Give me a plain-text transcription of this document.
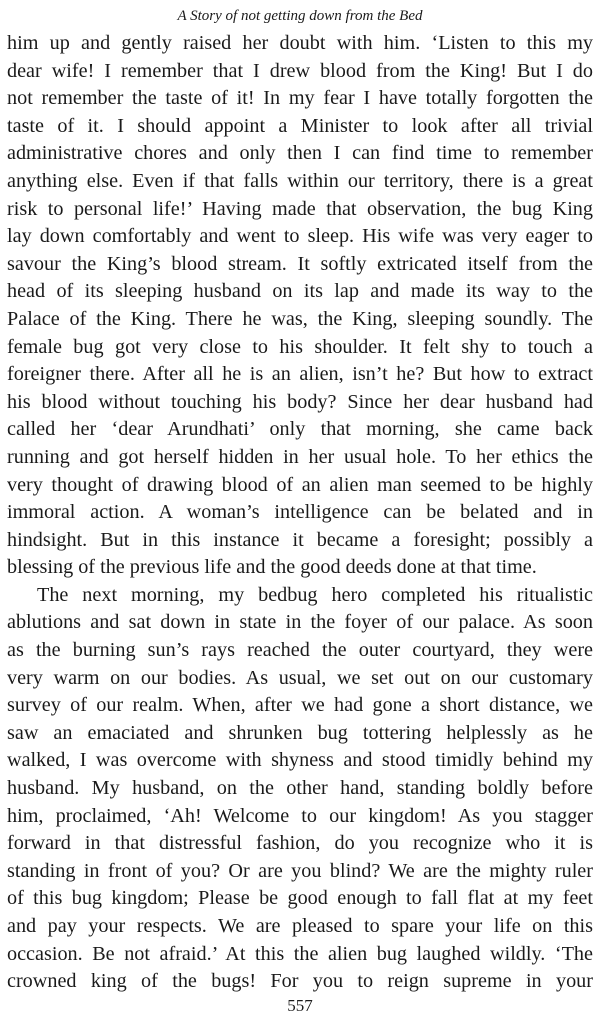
A Story of not getting down from the Bed
him up and gently raised her doubt with him. ‘Listen to this my
dear wife! I remember that I drew blood from the King! But I do
not remember the taste of it! In my fear I have totally forgotten the
taste of it. I should appoint a Minister to look after all trivial
administrative chores and only then I can find time to remember
anything else. Even if that falls within our territory, there is a great
risk to personal life!’ Having made that observation, the bug King
lay down comfortably and went to sleep. His wife was very eager to
savour the King’s blood stream. It softly extricated itself from the
head of its sleeping husband on its lap and made its way to the
Palace of the King. There he was, the King, sleeping soundly. The
female bug got very close to his shoulder. It felt shy to touch a
foreigner there. After all he is an alien, isn’t he? But how to extract
his blood without touching his body? Since her dear husband had
called her ‘dear Arundhati’ only that morning, she came back
running and got herself hidden in her usual hole. To her ethics the
very thought of drawing blood of an alien man seemed to be highly
immoral action. A woman’s intelligence can be belated and in
hindsight. But in this instance it became a foresight; possibly a
blessing of the previous life and the good deeds done at that time.
The next morning, my bedbug hero completed his ritualistic
ablutions and sat down in state in the foyer of our palace. As soon
as the burning sun’s rays reached the outer courtyard, they were
very warm on our bodies. As usual, we set out on our customary
survey of our realm. When, after we had gone a short distance, we
saw an emaciated and shrunken bug tottering helplessly as he
walked, I was overcome with shyness and stood timidly behind my
husband. My husband, on the other hand, standing boldly before
him, proclaimed, ‘Ah! Welcome to our kingdom! As you stagger
forward in that distressful fashion, do you recognize who it is
standing in front of you? Or are you blind? We are the mighty ruler
of this bug kingdom; Please be good enough to fall flat at my feet
and pay your respects. We are pleased to spare your life on this
occasion. Be not afraid.’ At this the alien bug laughed wildly. ‘The
crowned king of the bugs! For you to reign supreme in your
557
